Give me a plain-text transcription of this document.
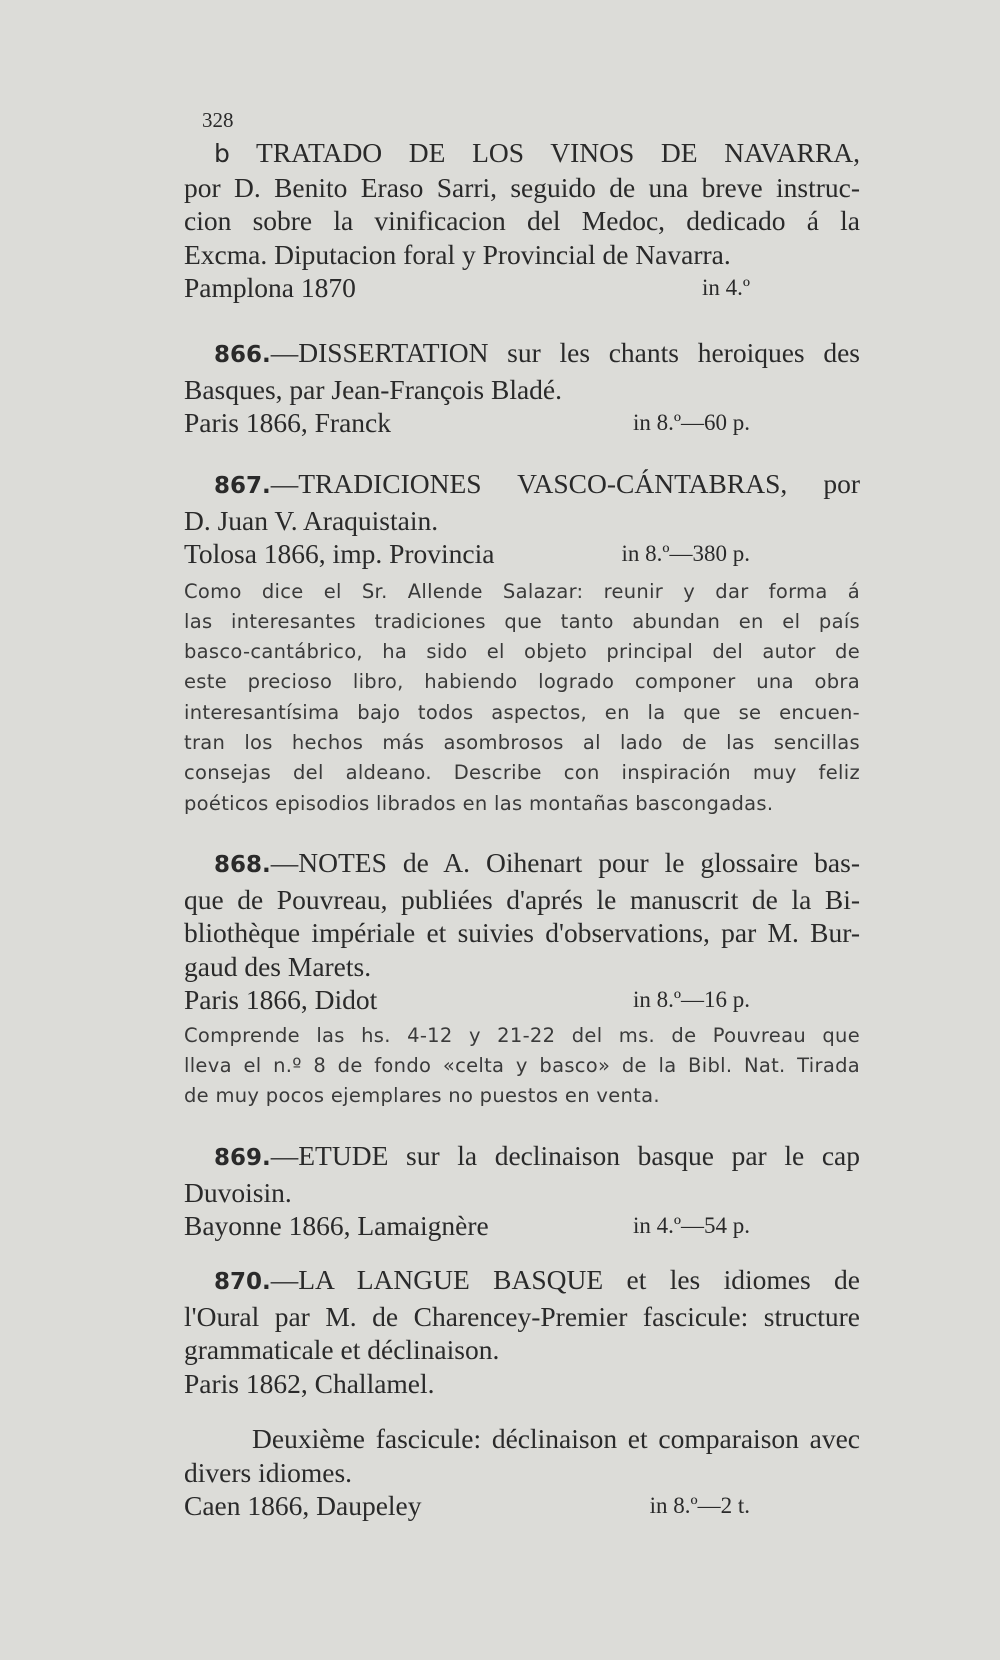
328
b TRATADO DE LOS VINOS DE NAVARRA,
por D. Benito Eraso Sarri, seguido de una breve instruc-
cion sobre la vinificacion del Medoc, dedicado á la
Excma. Diputacion foral y Provincial de Navarra.
Pamplona 1870	in 4.º
866.—DISSERTATION sur les chants heroiques des
Basques, par Jean-François Bladé.
Paris 1866, Franck	in 8.º—60 p.
867.—TRADICIONES VASCO-CÁNTABRAS, por
D. Juan V. Araquistain.
Tolosa 1866, imp. Provincia	in 8.º—380 p.
Como dice el Sr. Allende Salazar: reunir y dar forma á
las interesantes tradiciones que tanto abundan en el país
basco-cantábrico, ha sido el objeto principal del autor de
este precioso libro, habiendo logrado componer una obra
interesantísima bajo todos aspectos, en la que se encuen-
tran los hechos más asombrosos al lado de las sencillas
consejas del aldeano. Describe con inspiración muy feliz
poéticos episodios librados en las montañas bascongadas.
868.—NOTES de A. Oihenart pour le glossaire bas-
que de Pouvreau, publiées d'aprés le manuscrit de la Bi-
bliothèque impériale et suivies d'observations, par M. Bur-
gaud des Marets.
Paris 1866, Didot	in 8.º—16 p.
Comprende las hs. 4-12 y 21-22 del ms. de Pouvreau que
lleva el n.º 8 de fondo «celta y basco» de la Bibl. Nat. Tirada
de muy pocos ejemplares no puestos en venta.
869.—ETUDE sur la declinaison basque par le cap
Duvoisin.
Bayonne 1866, Lamaignère	in 4.º—54 p.
870.—LA LANGUE BASQUE et les idiomes de
l'Oural par M. de Charencey-Premier fascicule: structure
grammaticale et déclinaison.
Paris 1862, Challamel.
Deuxième fascicule: déclinaison et comparaison avec
divers idiomes.
Caen 1866, Daupeley	in 8.º—2 t.
